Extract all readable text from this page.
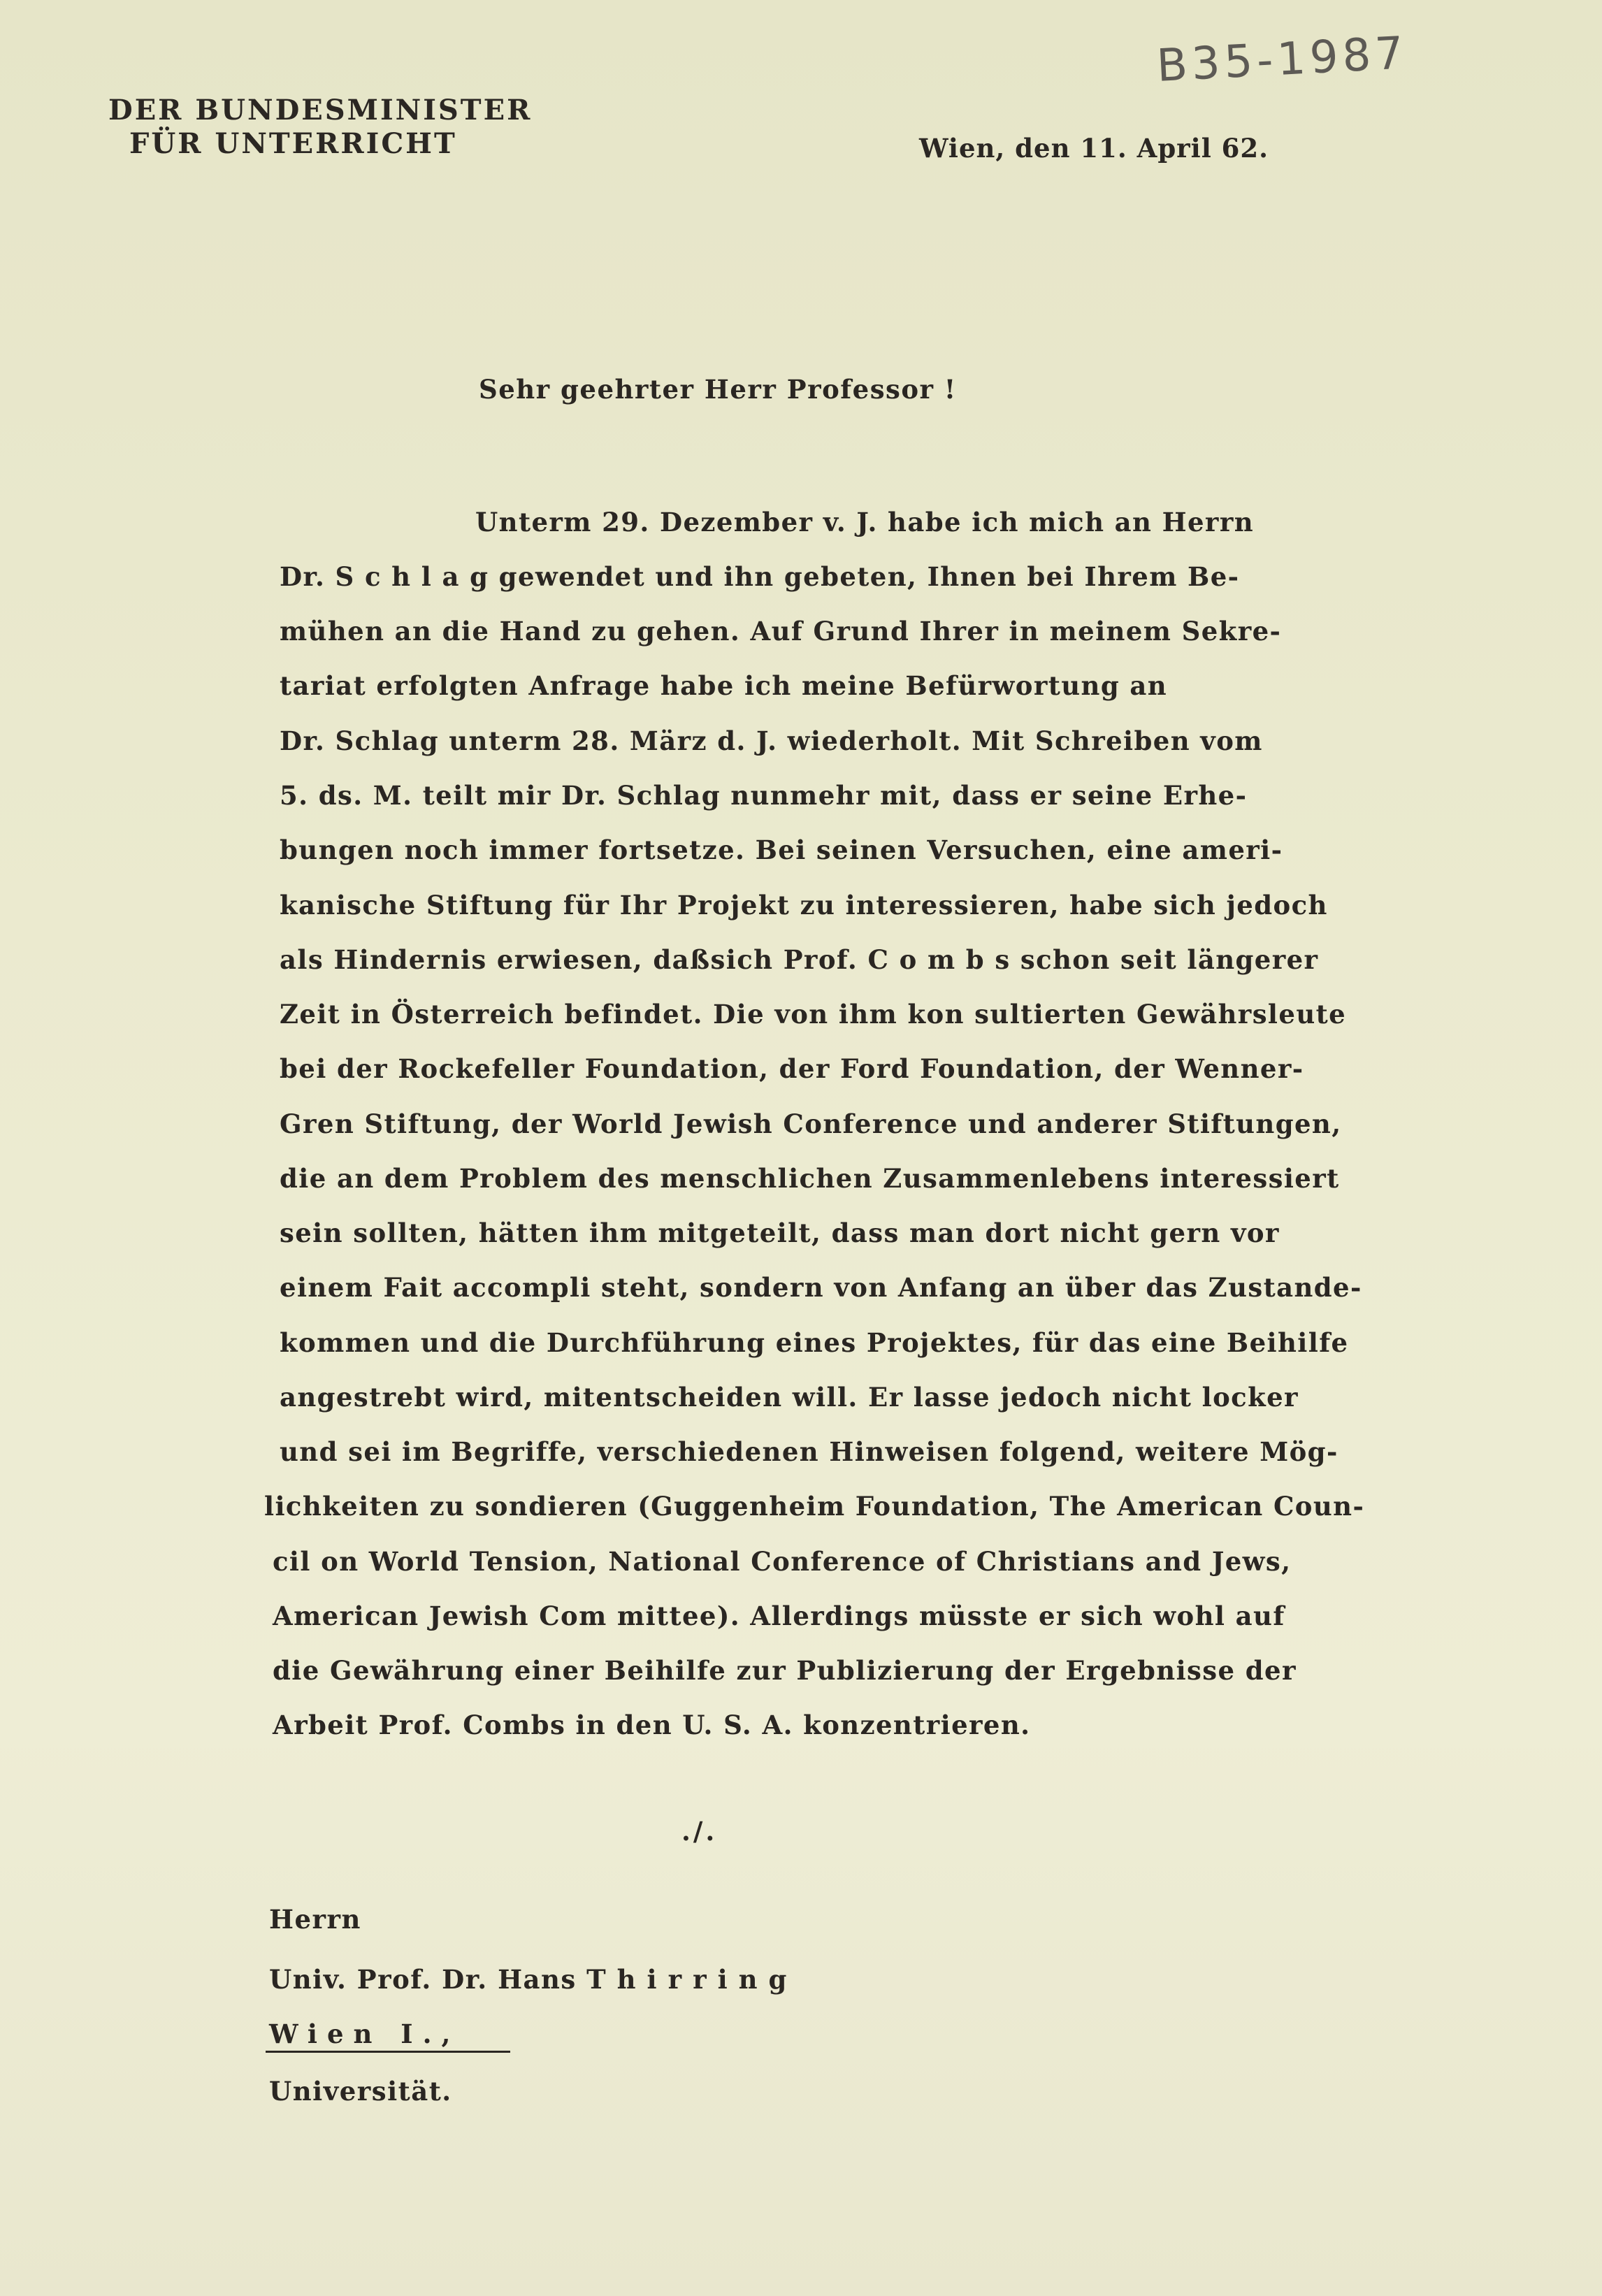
B35-1987
DER BUNDESMINISTER
FÜR UNTERRICHT	Wien, den 11. April 62.
Sehr geehrter Herr Professor !
Unterm 29. Dezember v. J. habe ich mich an Herrn
Dr. S c h l a g gewendet und ihn gebeten, Ihnen bei Ihrem Be-
mühen an die Hand zu gehen. Auf Grund Ihrer in meinem Sekre-
tariat erfolgten Anfrage habe ich meine Befürwortung an
Dr. Schlag unterm 28. März d. J. wiederholt. Mit Schreiben vom
5. ds. M. teilt mir Dr. Schlag nunmehr mit, dass er seine Erhe-
bungen noch immer fortsetze. Bei seinen Versuchen, eine ameri-
kanische Stiftung für Ihr Projekt zu interessieren, habe sich jedoch
als Hindernis erwiesen, daßsich Prof. C o m b s schon seit längerer
Zeit in Österreich befindet. Die von ihm kon sultierten Gewährsleute
bei der Rockefeller Foundation, der Ford Foundation, der Wenner-
Gren Stiftung, der World Jewish Conference und anderer Stiftungen,
die an dem Problem des menschlichen Zusammenlebens interessiert
sein sollten, hätten ihm mitgeteilt, dass man dort nicht gern vor
einem Fait accompli steht, sondern von Anfang an über das Zustande-
kommen und die Durchführung eines Projektes, für das eine Beihilfe
angestrebt wird, mitentscheiden will. Er lasse jedoch nicht locker
und sei im Begriffe, verschiedenen Hinweisen folgend, weitere Mög-
lichkeiten zu sondieren (Guggenheim Foundation, The American Coun-
cil on World Tension, National Conference of Christians and Jews,
American Jewish Com mittee). Allerdings müsste er sich wohl auf
die Gewährung einer Beihilfe zur Publizierung der Ergebnisse der
Arbeit Prof. Combs in den U. S. A. konzentrieren.
./.
Herrn
Univ. Prof. Dr. Hans Thirring
Wien I.,
Universität.
